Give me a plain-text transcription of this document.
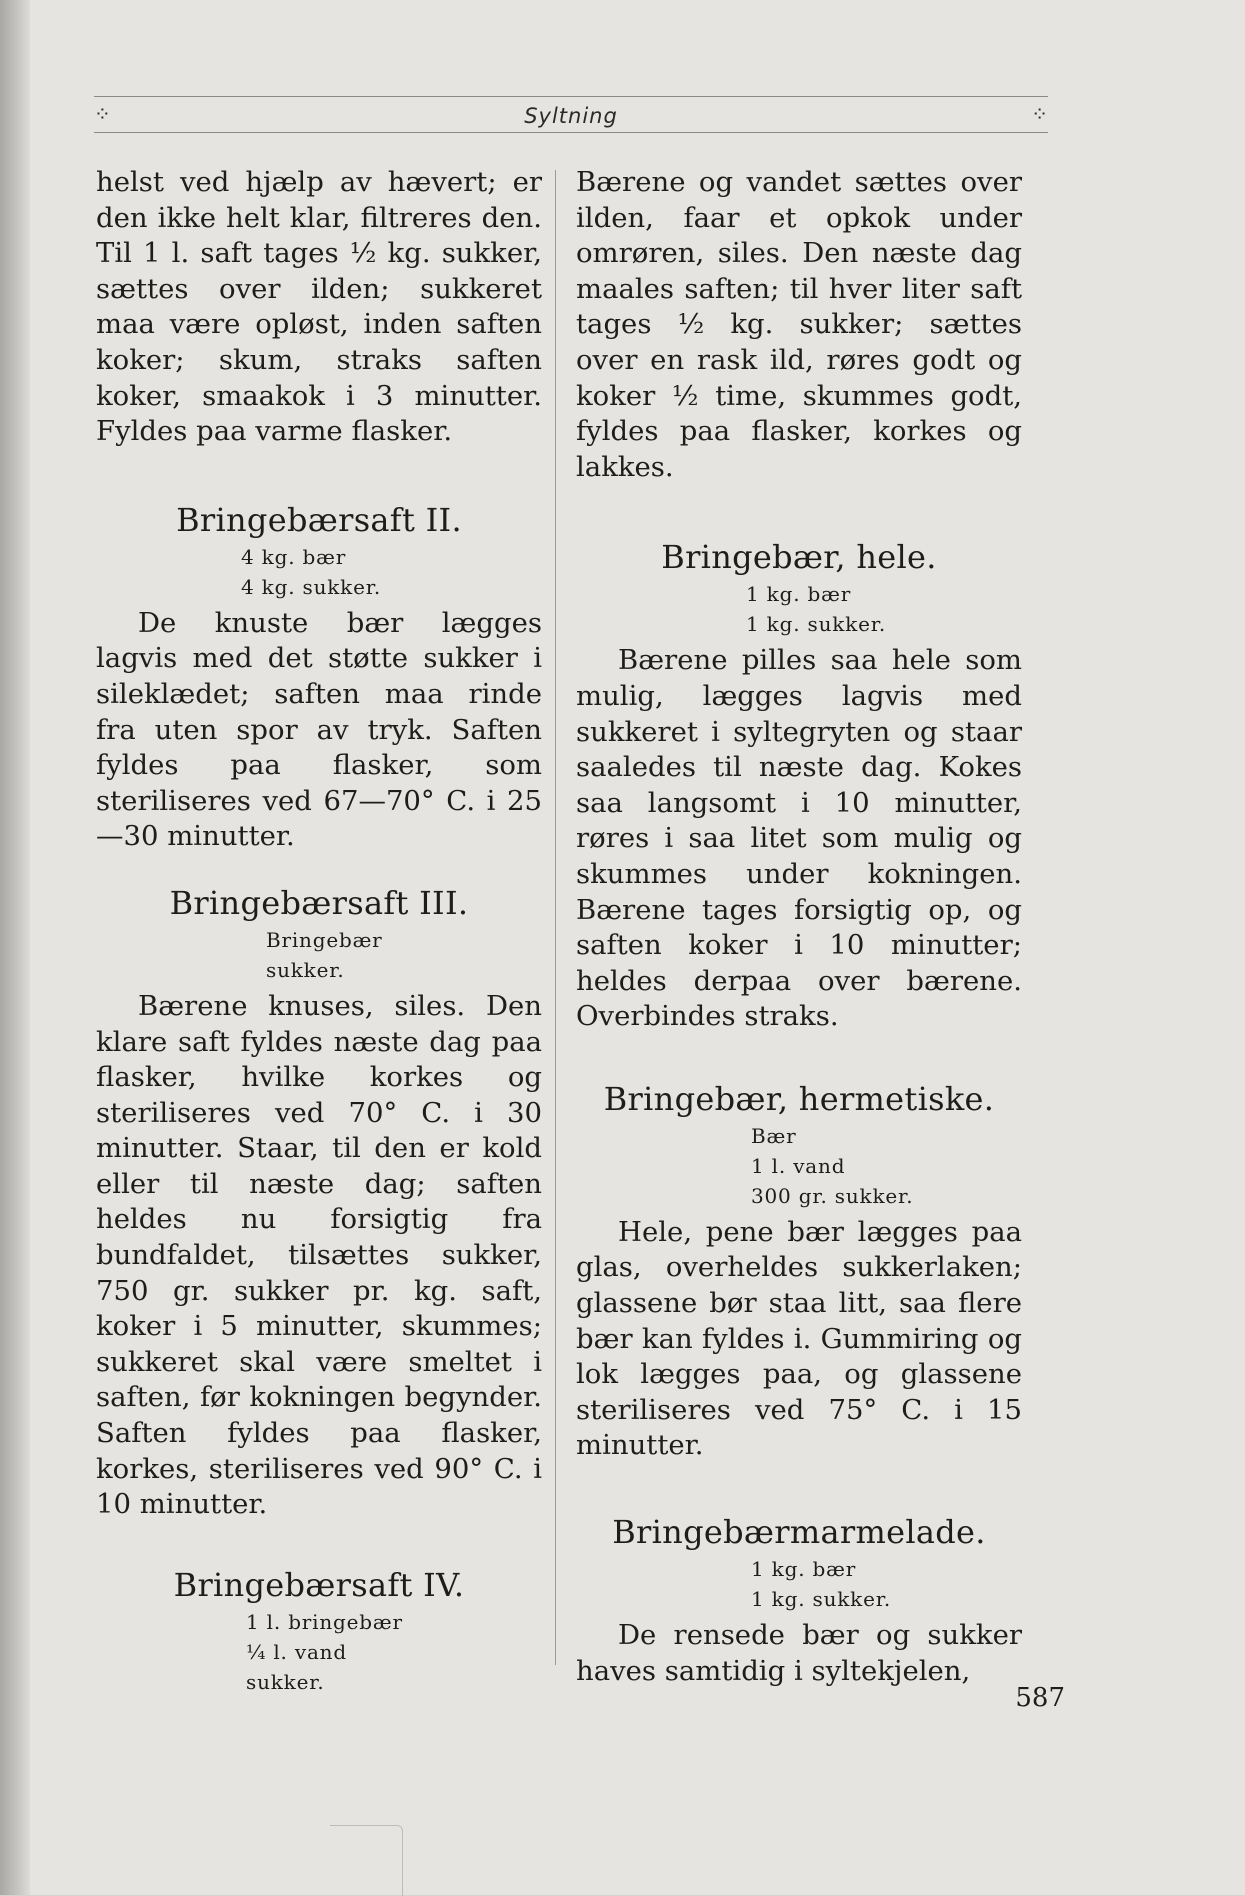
⁘	Syltning	⁘

helst ved hjælp av hævert; er den ikke helt klar, filtreres den. Til 1 l. saft tages ½ kg. sukker, sættes over ilden; sukkeret maa være opløst, inden saften koker; skum, straks saften koker, smaakok i 3 minutter. Fyldes paa varme flasker.

Bringebærsaft II.
4 kg. bær
4 kg. sukker.

De knuste bær lægges lagvis med det støtte sukker i sileklædet; saften maa rinde fra uten spor av tryk. Saften fyldes paa flasker, som steriliseres ved 67—70° C. i 25—30 minutter.

Bringebærsaft III.
Bringebær
sukker.

Bærene knuses, siles. Den klare saft fyldes næste dag paa flasker, hvilke korkes og steriliseres ved 70° C. i 30 minutter. Staar, til den er kold eller til næste dag; saften heldes nu forsigtig fra bundfaldet, tilsættes sukker, 750 gr. sukker pr. kg. saft, koker i 5 minutter, skummes; sukkeret skal være smeltet i saften, før kokningen begynder. Saften fyldes paa flasker, korkes, steriliseres ved 90° C. i 10 minutter.

Bringebærsaft IV.
1 l. bringebær
¼ l. vand
sukker.

Bærene og vandet sættes over ilden, faar et opkok under omrøren, siles. Den næste dag maales saften; til hver liter saft tages ½ kg. sukker; sættes over en rask ild, røres godt og koker ½ time, skummes godt, fyldes paa flasker, korkes og lakkes.

Bringebær, hele.
1 kg. bær
1 kg. sukker.

Bærene pilles saa hele som mulig, lægges lagvis med sukkeret i syltegryten og staar saaledes til næste dag. Kokes saa langsomt i 10 minutter, røres i saa litet som mulig og skummes under kokningen. Bærene tages forsigtig op, og saften koker i 10 minutter; heldes derpaa over bærene. Overbindes straks.

Bringebær, hermetiske.
Bær
1 l. vand
300 gr. sukker.

Hele, pene bær lægges paa glas, overheldes sukkerlaken; glassene bør staa litt, saa flere bær kan fyldes i. Gummiring og lok lægges paa, og glassene steriliseres ved 75° C. i 15 minutter.

Bringebærmarmelade.
1 kg. bær
1 kg. sukker.

De rensede bær og sukker haves samtidig i syltekjelen,

587
